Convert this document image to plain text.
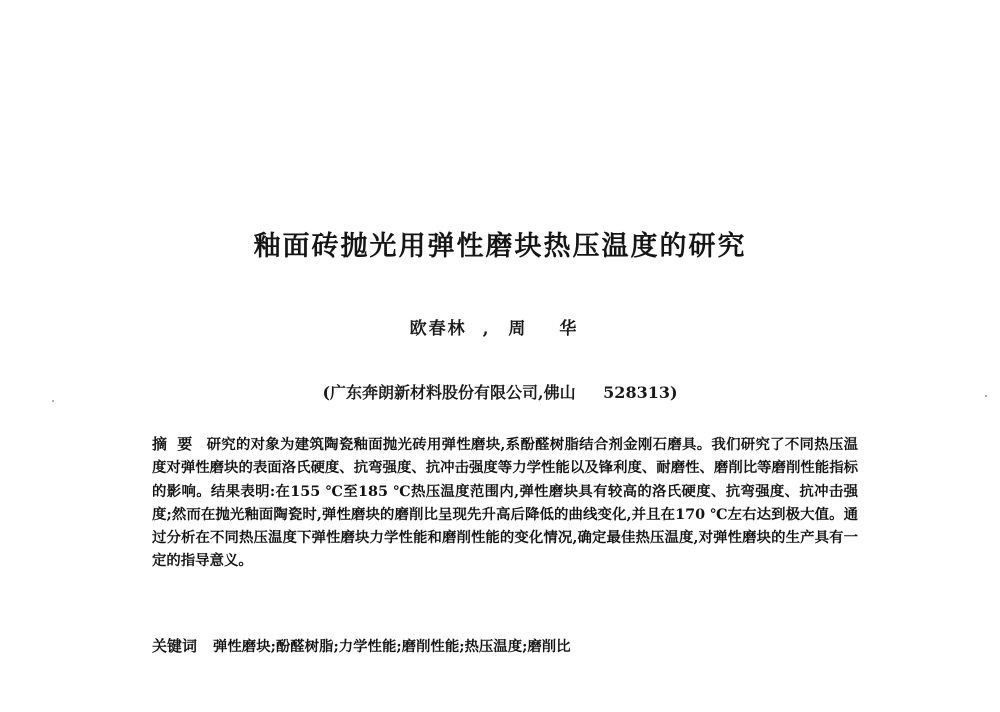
釉面砖抛光用弹性磨块热压温度的研究
欧春林 , 周 华
(广东奔朗新材料股份有限公司,佛山 528313)
摘要 研究的对象为建筑陶瓷釉面抛光砖用弹性磨块,系酚醛树脂结合剂金刚石磨具。我们研究了不同热压温度对弹性磨块的表面洛氏硬度、抗弯强度、抗冲击强度等力学性能以及锋利度、耐磨性、磨削比等磨削性能指标的影响。结果表明:在155 ℃至185 ℃热压温度范围内,弹性磨块具有较高的洛氏硬度、抗弯强度、抗冲击强度;然而在抛光釉面陶瓷时,弹性磨块的磨削比呈现先升高后降低的曲线变化,并且在170 ℃左右达到极大值。通过分析在不同热压温度下弹性磨块力学性能和磨削性能的变化情况,确定最佳热压温度,对弹性磨块的生产具有一定的指导意义。
关键词 弹性磨块;酚醛树脂;力学性能;磨削性能;热压温度;磨削比
